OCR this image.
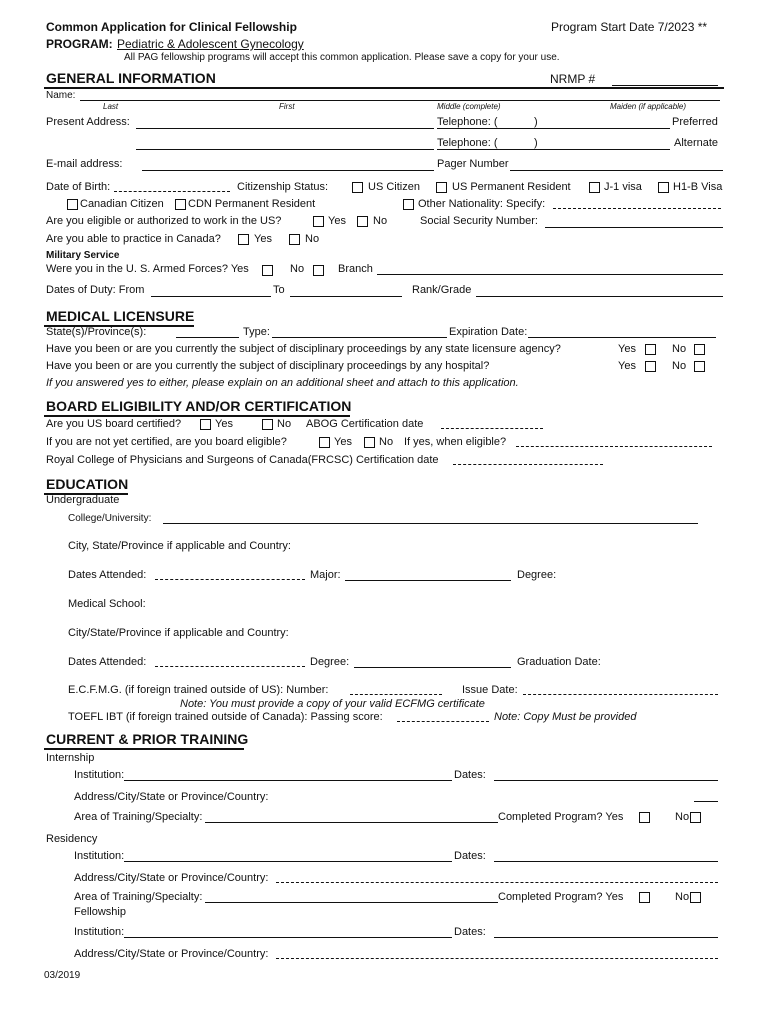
Common Application for Clinical Fellowship	Program Start Date 7/2023 **
PROGRAM: Pediatric & Adolescent Gynecology
All PAG fellowship programs will accept this common application. Please save a copy for your use.
GENERAL INFORMATION	NRMP #
Name:
Last	First	Middle (complete)	Maiden (if applicable)
Present Address:	Telephone: (	)	Preferred
Telephone: (	)	Alternate
E-mail address:	Pager Number
Date of Birth:	Citizenship Status:	US Citizen	US Permanent Resident	J-1 visa	H1-B Visa
Canadian Citizen CDN Permanent Resident	Other Nationality: Specify:
Are you eligible or authorized to work in the US?	Yes No	Social Security Number:
Are you able to practice in Canada?	Yes	No
Military Service
Were you in the U. S. Armed Forces? Yes	No	Branch
Dates of Duty: From	To	Rank/Grade
MEDICAL LICENSURE
State(s)/Province(s):	Type:	Expiration Date:
Have you been or are you currently the subject of disciplinary proceedings by any state licensure agency?	Yes	No
Have you been or are you currently the subject of disciplinary proceedings by any hospital?	Yes	No
If you answered yes to either, please explain on an additional sheet and attach to this application.
BOARD ELIGIBILITY AND/OR CERTIFICATION
Are you US board certified?	Yes	No ABOG Certification date
If you are not yet certified, are you board eligible?	Yes No If yes, when eligible?
Royal College of Physicians and Surgeons of Canada(FRCSC) Certification date
EDUCATION
Undergraduate
College/University:
City, State/Province if applicable and Country:
Dates Attended:	Major:	Degree:
Medical School:
City/State/Province if applicable and Country:
Dates Attended:	Degree:	Graduation Date:
E.C.F.M.G. (if foreign trained outside of US): Number:	Issue Date:
Note: You must provide a copy of your valid ECFMG certificate
TOEFL IBT (if foreign trained outside of Canada): Passing score:	Note: Copy Must be provided
CURRENT & PRIOR TRAINING
Internship
Institution:	Dates:
Address/City/State or Province/Country:
Area of Training/Specialty:	Completed Program? Yes	No
Residency
Institution:	Dates:
Address/City/State or Province/Country:
Area of Training/Specialty:	Completed Program? Yes	No
Fellowship
Institution:	Dates:
Address/City/State or Province/Country:
03/2019
